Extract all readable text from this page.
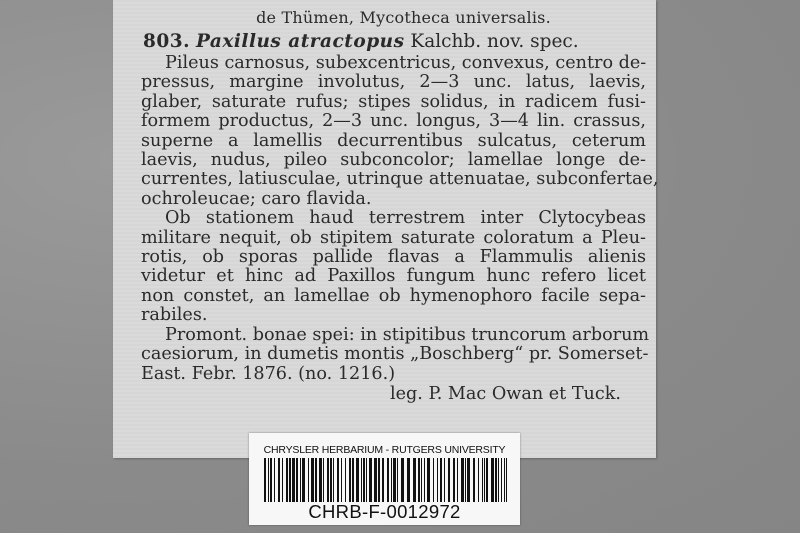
de Thümen, Mycotheca universalis.
803. Paxillus atractopus Kalchb. nov. spec.

Pileus carnosus, subexcentricus, convexus, centro de-
pressus, margine involutus, 2—3 unc. latus, laevis,
glaber, saturate rufus; stipes solidus, in radicem fusi-
formem productus, 2—3 unc. longus, 3—4 lin. crassus,
superne a lamellis decurrentibus sulcatus, ceterum
laevis, nudus, pileo subconcolor; lamellae longe de-
currentes, latiusculae, utrinque attenuatae, subconfertae,
ochroleucae; caro flavida.

Ob stationem haud terrestrem inter Clytocybeas
militare nequit, ob stipitem saturate coloratum a Pleu-
rotis, ob sporas pallide flavas a Flammulis alienis
videtur et hinc ad Paxillos fungum hunc refero licet
non constet, an lamellae ob hymenophoro facile sepa-
rabiles.

Promont. bonae spei: in stipitibus truncorum arborum
caesiorum, in dumetis montis „Boschberg“ pr. Somerset-
East. Febr. 1876. (no. 1216.)

leg. P. Mac Owan et Tuck.
CHRYSLER HERBARIUM - RUTGERS UNIVERSITY
CHRB-F-0012972
